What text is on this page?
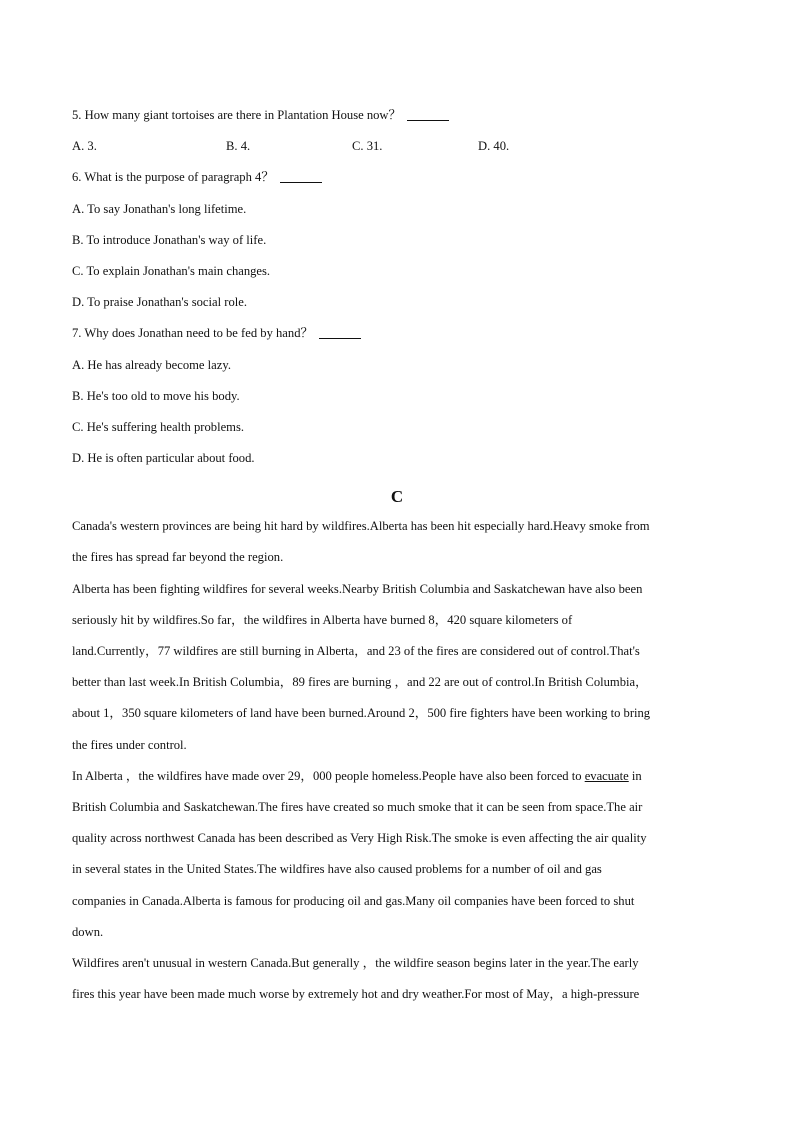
5. How many giant tortoises are there in Plantation House now？
A. 3.	B. 4.	C. 31.	D. 40.
6. What is the purpose of paragraph 4？
A. To say Jonathan's long lifetime.
B. To introduce Jonathan's way of life.
C. To explain Jonathan's main changes.
D. To praise Jonathan's social role.
7. Why does Jonathan need to be fed by hand？
A. He has already become lazy.
B. He's too old to move his body.
C. He's suffering health problems.
D. He is often particular about food.
C
Canada's western provinces are being hit hard by wildfires.Alberta has been hit especially hard.Heavy smoke from
the fires has spread far beyond the region.
Alberta has been fighting wildfires for several weeks.Nearby British Columbia and Saskatchewan have also been
seriously hit by wildfires.So far，the wildfires in Alberta have burned 8，420 square kilometers of
land.Currently，77 wildfires are still burning in Alberta，and 23 of the fires are considered out of control.That's
better than last week.In British Columbia，89 fires are burning ，and 22 are out of control.In British Columbia，
about 1，350 square kilometers of land have been burned.Around 2，500 fire fighters have been working to bring
the fires under control.
In Alberta ，the wildfires have made over 29，000 people homeless.People have also been forced to evacuate in
British Columbia and Saskatchewan.The fires have created so much smoke that it can be seen from space.The air
quality across northwest Canada has been described as Very High Risk.The smoke is even affecting the air quality
in several states in the United States.The wildfires have also caused problems for a number of oil and gas
companies in Canada.Alberta is famous for producing oil and gas.Many oil companies have been forced to shut
down.
Wildfires aren't unusual in western Canada.But generally ，the wildfire season begins later in the year.The early
fires this year have been made much worse by extremely hot and dry weather.For most of May，a high-pressure
